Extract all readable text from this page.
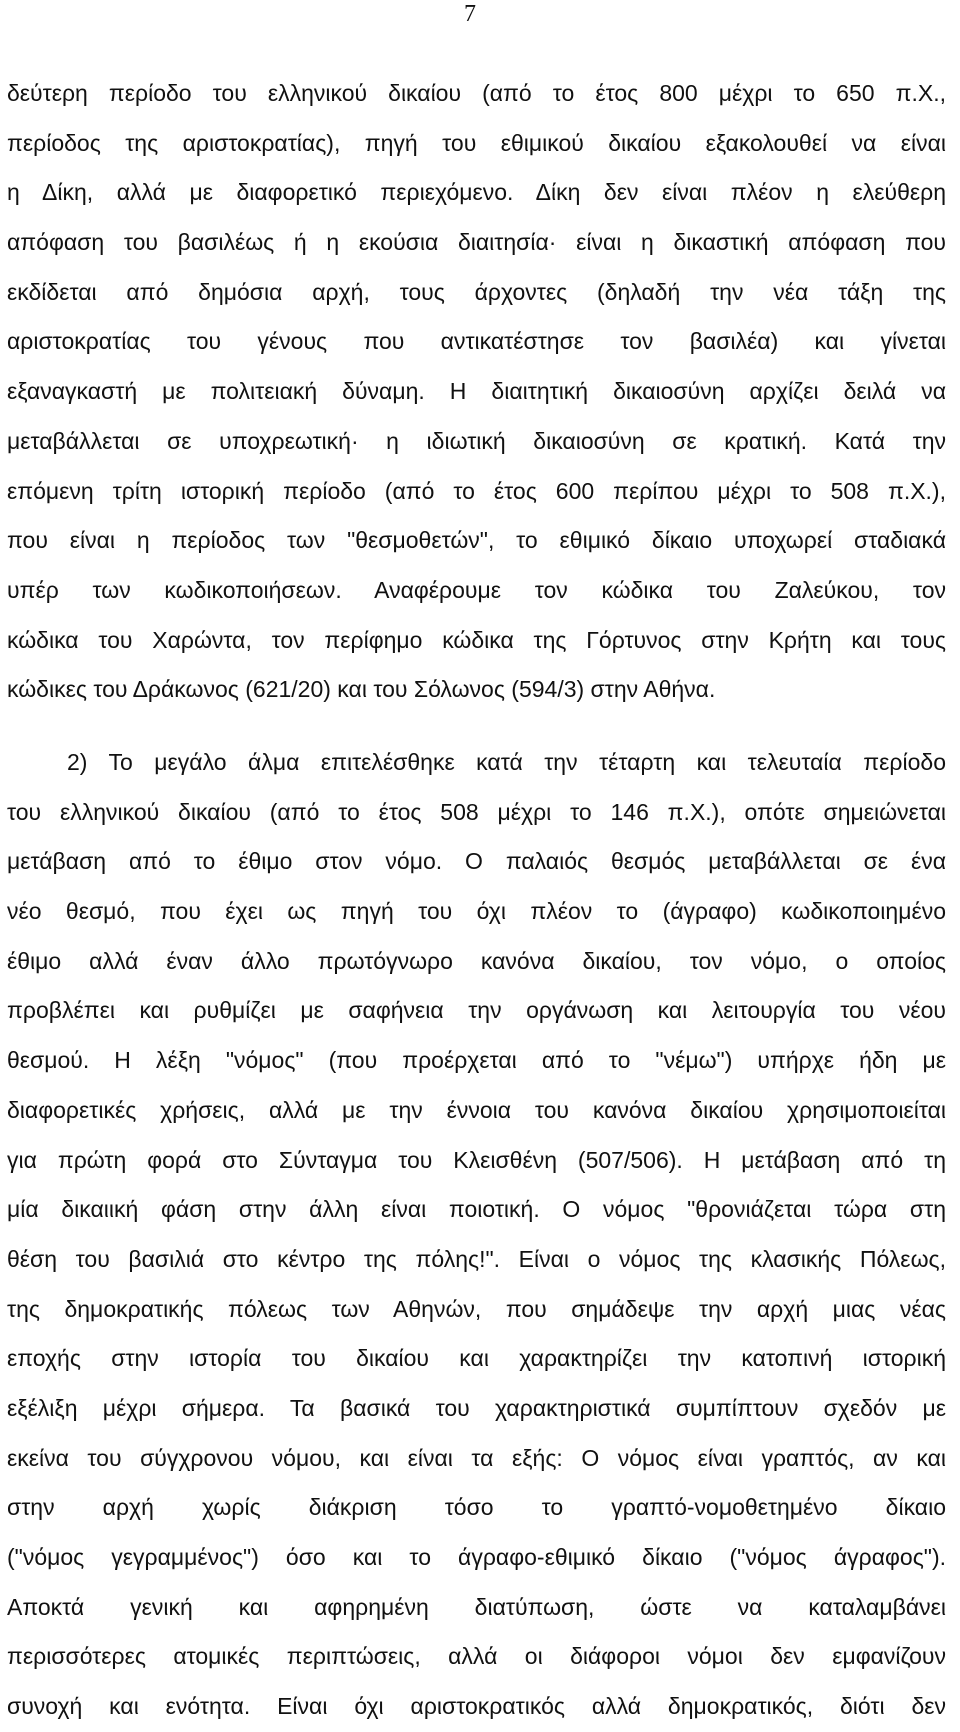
7
δεύτερη περίοδο του ελληνικού δικαίου (από το έτος 800 μέχρι το 650 π.Χ.,
περίοδος της αριστοκρατίας), πηγή του εθιμικού δικαίου εξακολουθεί να είναι
η Δίκη, αλλά με διαφορετικό περιεχόμενο. Δίκη δεν είναι πλέον η ελεύθερη
απόφαση του βασιλέως ή η εκούσια διαιτησία· είναι η δικαστική απόφαση που
εκδίδεται από δημόσια αρχή, τους άρχοντες (δηλαδή την νέα τάξη της
αριστοκρατίας του γένους που αντικατέστησε τον βασιλέα) και γίνεται
εξαναγκαστή με πολιτειακή δύναμη. Η διαιτητική δικαιοσύνη αρχίζει δειλά να
μεταβάλλεται σε υποχρεωτική· η ιδιωτική δικαιοσύνη σε κρατική. Κατά την
επόμενη τρίτη ιστορική περίοδο (από το έτος 600 περίπου μέχρι το 508 π.Χ.),
που είναι η περίοδος των "θεσμοθετών", το εθιμικό δίκαιο υποχωρεί σταδιακά
υπέρ των κωδικοποιήσεων. Αναφέρουμε τον κώδικα του Ζαλεύκου, τον
κώδικα του Χαρώντα, τον περίφημο κώδικα της Γόρτυνος στην Κρήτη και τους
κώδικες του Δράκωνος (621/20) και του Σόλωνος (594/3) στην Αθήνα.
2) Το μεγάλο άλμα επιτελέσθηκε κατά την τέταρτη και τελευταία περίοδο
του ελληνικού δικαίου (από το έτος 508 μέχρι το 146 π.Χ.), οπότε σημειώνεται
μετάβαση από το έθιμο στον νόμο. Ο παλαιός θεσμός μεταβάλλεται σε ένα
νέο θεσμό, που έχει ως πηγή του όχι πλέον το (άγραφο) κωδικοποιημένο
έθιμο αλλά έναν άλλο πρωτόγνωρο κανόνα δικαίου, τον νόμο, ο οποίος
προβλέπει και ρυθμίζει με σαφήνεια την οργάνωση και λειτουργία του νέου
θεσμού. Η λέξη "νόμος" (που προέρχεται από το "νέμω") υπήρχε ήδη με
διαφορετικές χρήσεις, αλλά με την έννοια του κανόνα δικαίου χρησιμοποιείται
για πρώτη φορά στο Σύνταγμα του Κλεισθένη (507/506). Η μετάβαση από τη
μία δικαιική φάση στην άλλη είναι ποιοτική. Ο νόμος "θρονιάζεται τώρα στη
θέση του βασιλιά στο κέντρο της πόλης!". Είναι ο νόμος της κλασικής Πόλεως,
της δημοκρατικής πόλεως των Αθηνών, που σημάδεψε την αρχή μιας νέας
εποχής στην ιστορία του δικαίου και χαρακτηρίζει την κατοπινή ιστορική
εξέλιξη μέχρι σήμερα. Τα βασικά του χαρακτηριστικά συμπίπτουν σχεδόν με
εκείνα του σύγχρονου νόμου, και είναι τα εξής: Ο νόμος είναι γραπτός, αν και
στην αρχή χωρίς διάκριση τόσο το γραπτό-νομοθετημένο δίκαιο
("νόμος γεγραμμένος") όσο και το άγραφο-εθιμικό δίκαιο ("νόμος άγραφος").
Αποκτά γενική και αφηρημένη διατύπωση, ώστε να καταλαμβάνει
περισσότερες ατομικές περιπτώσεις, αλλά οι διάφοροι νόμοι δεν εμφανίζουν
συνοχή και ενότητα. Είναι όχι αριστοκρατικός αλλά δημοκρατικός, διότι δεν
